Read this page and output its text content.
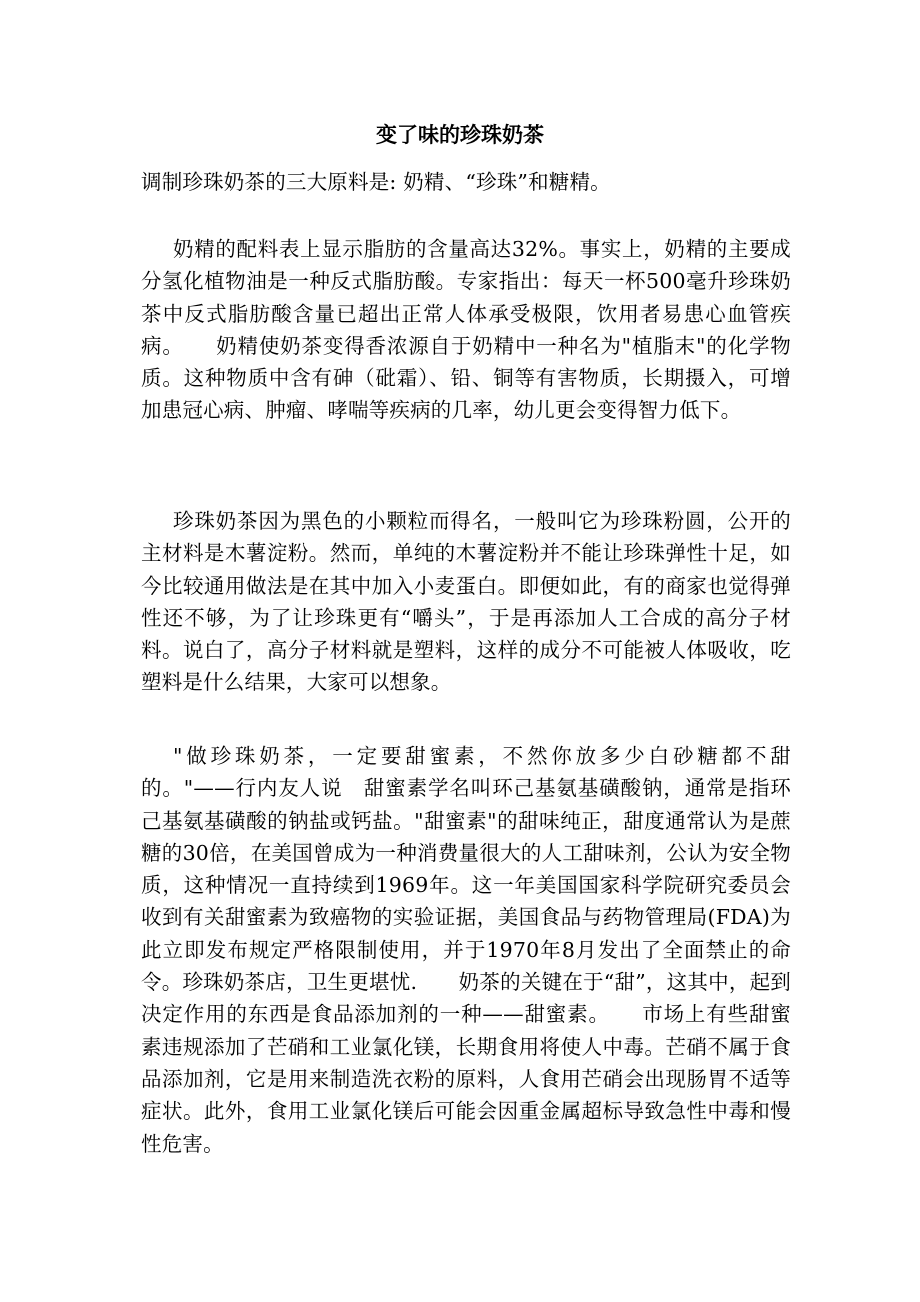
变了味的珍珠奶茶
调制珍珠奶茶的三大原料是: 奶精、“珍珠”和糖精。
奶精的配料表上显示脂肪的含量高达32%。事实上，奶精的主要成分氢化植物油是一种反式脂肪酸。专家指出：每天一杯500毫升珍珠奶茶中反式脂肪酸含量已超出正常人体承受极限，饮用者易患心血管疾病。　　奶精使奶茶变得香浓源自于奶精中一种名为"植脂末"的化学物质。这种物质中含有砷（砒霜）、铅、铜等有害物质，长期摄入，可增加患冠心病、肿瘤、哮喘等疾病的几率，幼儿更会变得智力低下。
珍珠奶茶因为黑色的小颗粒而得名，一般叫它为珍珠粉圆，公开的主材料是木薯淀粉。然而，单纯的木薯淀粉并不能让珍珠弹性十足，如今比较通用做法是在其中加入小麦蛋白。即便如此，有的商家也觉得弹性还不够，为了让珍珠更有“嚼头”，于是再添加人工合成的高分子材料。说白了，高分子材料就是塑料，这样的成分不可能被人体吸收，吃塑料是什么结果，大家可以想象。
"做珍珠奶茶，一定要甜蜜素，不然你放多少白砂糖都不甜的。"——行内友人说　甜蜜素学名叫环己基氨基磺酸钠，通常是指环己基氨基磺酸的钠盐或钙盐。"甜蜜素"的甜味纯正，甜度通常认为是蔗糖的30倍，在美国曾成为一种消费量很大的人工甜味剂，公认为安全物质，这种情况一直持续到1969年。这一年美国国家科学院研究委员会收到有关甜蜜素为致癌物的实验证据，美国食品与药物管理局(FDA)为此立即发布规定严格限制使用，并于1970年8月发出了全面禁止的命令。珍珠奶茶店，卫生更堪忧.　　奶茶的关键在于“甜”，这其中，起到决定作用的东西是食品添加剂的一种——甜蜜素。　　市场上有些甜蜜素违规添加了芒硝和工业氯化镁，长期食用将使人中毒。芒硝不属于食品添加剂，它是用来制造洗衣粉的原料，人食用芒硝会出现肠胃不适等症状。此外，食用工业氯化镁后可能会因重金属超标导致急性中毒和慢性危害。
